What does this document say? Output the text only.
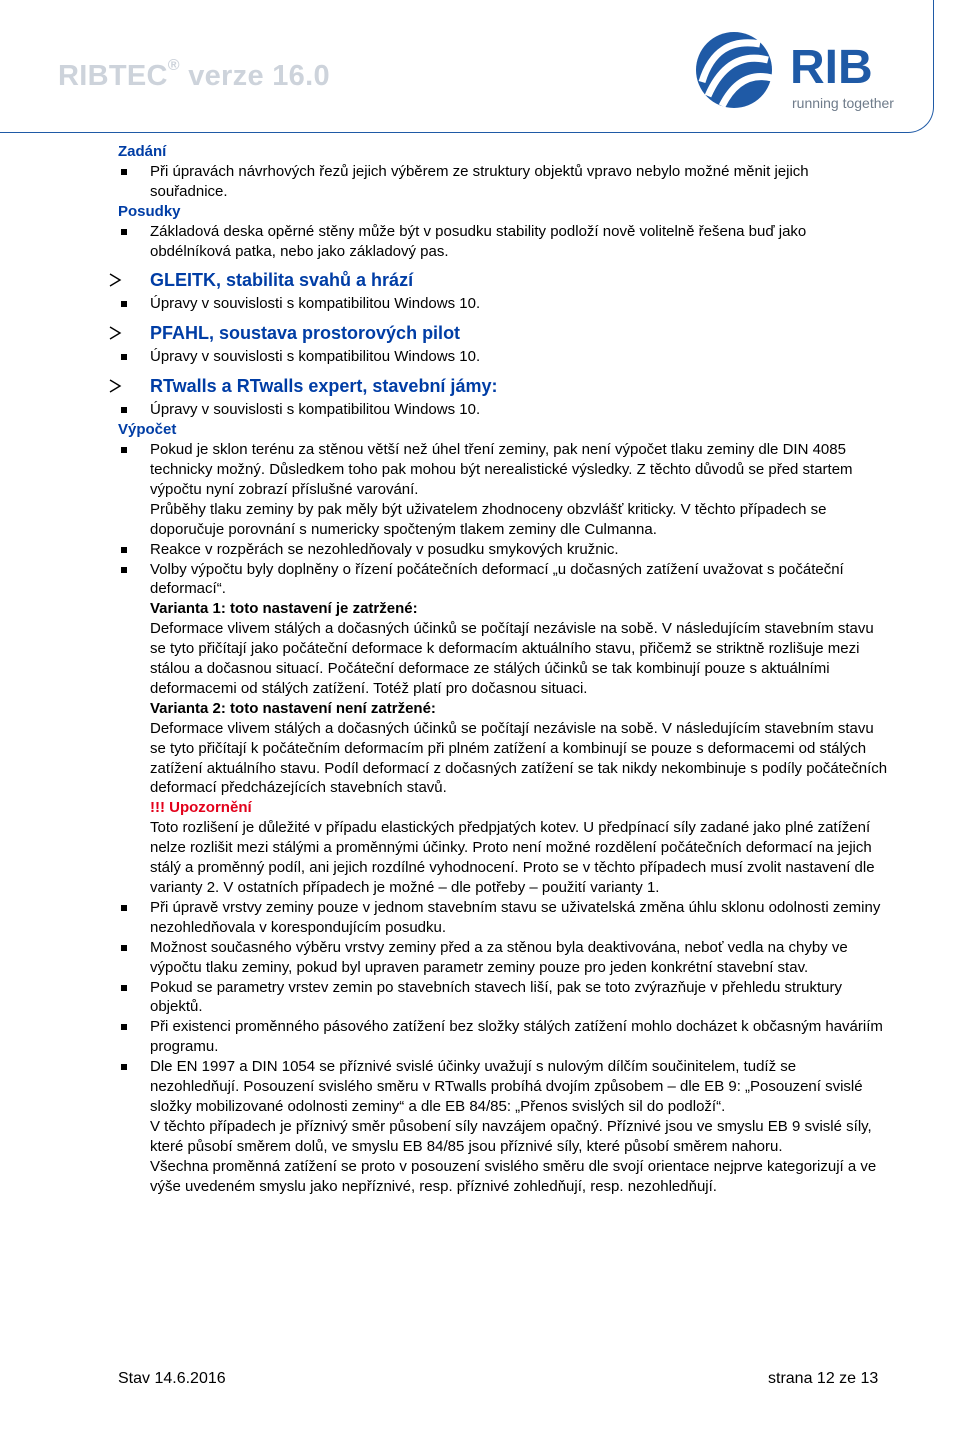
RIBTEC® verze 16.0	RIB
running together
Zadání
Při úpravách návrhových řezů jejich výběrem ze struktury objektů vpravo nebylo možné měnit jejich souřadnice.
Posudky
Základová deska opěrné stěny může být v posudku stability podloží nově volitelně řešena buď jako obdélníková patka, nebo jako základový pas.
GLEITK, stabilita svahů a hrází
Úpravy v souvislosti s kompatibilitou Windows 10.
PFAHL, soustava prostorových pilot
Úpravy v souvislosti s kompatibilitou Windows 10.
RTwalls a RTwalls expert, stavební jámy:
Úpravy v souvislosti s kompatibilitou Windows 10.
Výpočet
Pokud je sklon terénu za stěnou větší než úhel tření zeminy, pak není výpočet tlaku zeminy dle DIN 4085 technicky možný. Důsledkem toho pak mohou být nerealistické výsledky. Z těchto důvodů se před startem výpočtu nyní zobrazí příslušné varování.
Průběhy tlaku zeminy by pak měly být uživatelem zhodnoceny obzvlášť kriticky. V těchto případech se doporučuje porovnání s numericky spočteným tlakem zeminy dle Culmanna.
Reakce v rozpěrách se nezohledňovaly v posudku smykových kružnic.
Volby výpočtu byly doplněny o řízení počátečních deformací „u dočasných zatížení uvažovat s počáteční deformací“.
Varianta 1: toto nastavení je zatržené:
Deformace vlivem stálých a dočasných účinků se počítají nezávisle na sobě. V následujícím stavebním stavu se tyto přičítají jako počáteční deformace k deformacím aktuálního stavu, přičemž se striktně rozlišuje mezi stálou a dočasnou situací. Počáteční deformace ze stálých účinků se tak kombinují pouze s aktuálními deformacemi od stálých zatížení. Totéž platí pro dočasnou situaci.
Varianta 2: toto nastavení není zatržené:
Deformace vlivem stálých a dočasných účinků se počítají nezávisle na sobě. V následujícím stavebním stavu se tyto přičítají k počátečním deformacím při plném zatížení a kombinují se pouze s deformacemi od stálých zatížení aktuálního stavu. Podíl deformací z dočasných zatížení se tak nikdy nekombinuje s podíly počátečních deformací předcházejících stavebních stavů.
!!! Upozornění
Toto rozlišení je důležité v případu elastických předpjatých kotev. U předpínací síly zadané jako plné zatížení nelze rozlišit mezi stálými a proměnnými účinky. Proto není možné rozdělení počátečních deformací na jejich stálý a proměnný podíl, ani jejich rozdílné vyhodnocení. Proto se v těchto případech musí zvolit nastavení dle varianty 2. V ostatních případech je možné – dle potřeby – použití varianty 1.
Při úpravě vrstvy zeminy pouze v jednom stavebním stavu se uživatelská změna úhlu sklonu odolnosti zeminy nezohledňovala v korespondujícím posudku.
Možnost současného výběru vrstvy zeminy před a za stěnou byla deaktivována, neboť vedla na chyby ve výpočtu tlaku zeminy, pokud byl upraven parametr zeminy pouze pro jeden konkrétní stavební stav.
Pokud se parametry vrstev zemin po stavebních stavech liší, pak se toto zvýrazňuje v přehledu struktury objektů.
Při existenci proměnného pásového zatížení bez složky stálých zatížení mohlo docházet k občasným haváriím programu.
Dle EN 1997 a DIN 1054 se příznivé svislé účinky uvažují s nulovým dílčím součinitelem, tudíž se nezohledňují. Posouzení svislého směru v RTwalls probíhá dvojím způsobem – dle EB 9: „Posouzení svislé složky mobilizované odolnosti zeminy“ a dle EB 84/85: „Přenos svislých sil do podloží“.
V těchto případech je příznivý směr působení síly navzájem opačný. Příznivé jsou ve smyslu EB 9 svislé síly, které působí směrem dolů, ve smyslu EB 84/85 jsou příznivé síly, které působí směrem nahoru.
Všechna proměnná zatížení se proto v posouzení svislého směru dle svojí orientace nejprve kategorizují a ve výše uvedeném smyslu jako nepříznivé, resp. příznivé zohledňují, resp. nezohledňují.
Stav 14.6.2016	strana 12 ze 13
